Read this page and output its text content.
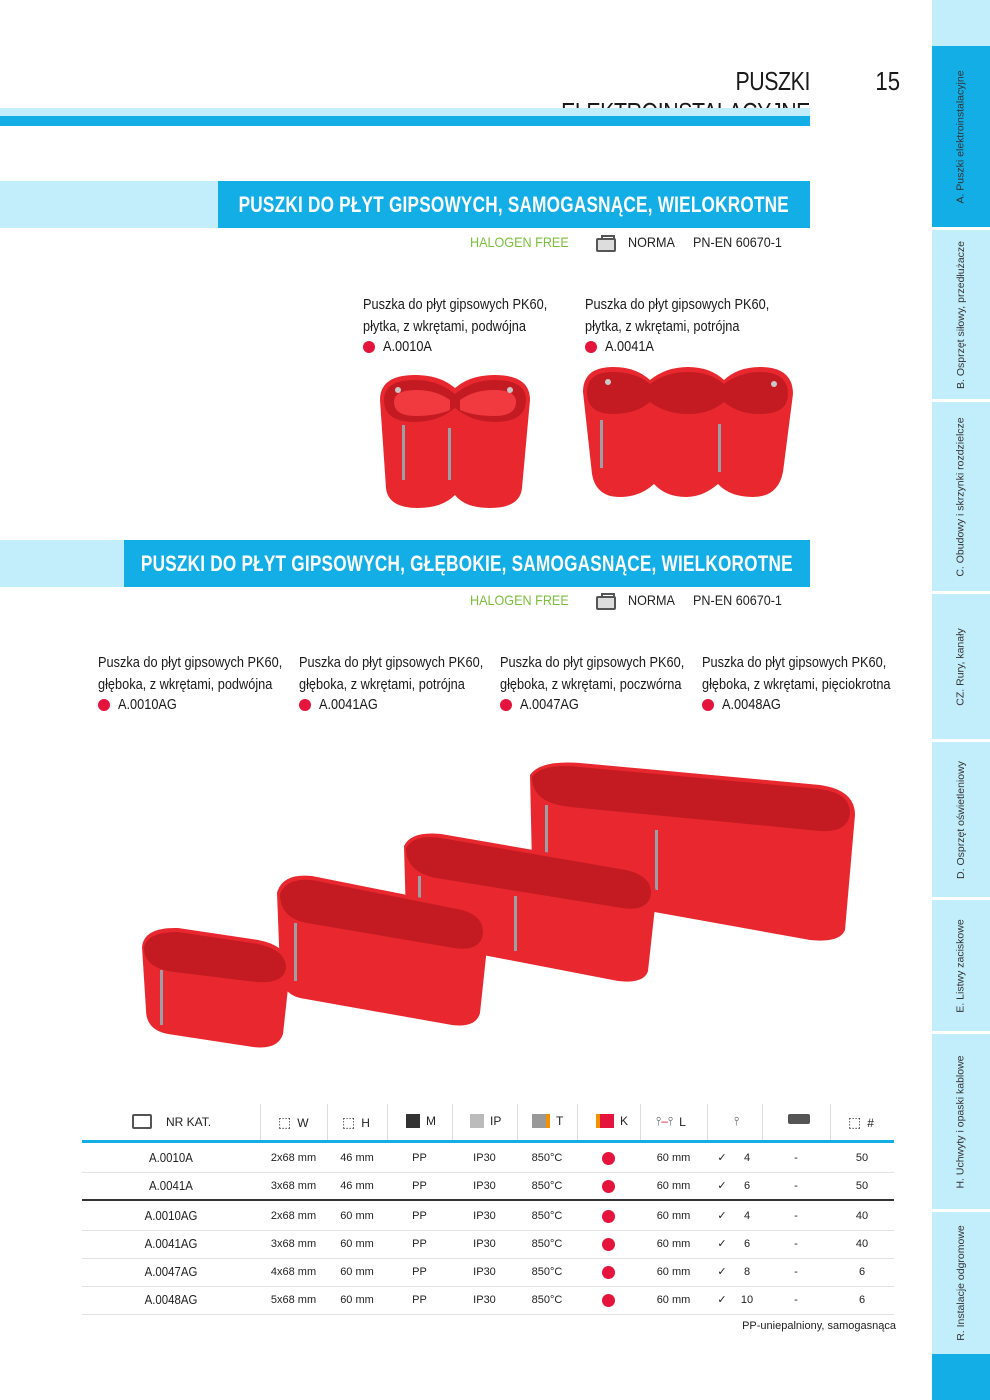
PUSZKI	15
PUSZKI DO PŁYT GIPSOWYCH, SAMOGASNĄCE, WIELOKROTNE
HALOGEN FREE	NORMA PN-EN 60670-1
Puszka do płyt gipsowych PK60,
płytka, z wkrętami, podwójna
A.0010A
Puszka do płyt gipsowych PK60,
płytka, z wkrętami, potrójna
A.0041A
PUSZKI DO PŁYT GIPSOWYCH, GŁĘBOKIE, SAMOGASNĄCE, WIELKOROTNE
HALOGEN FREE	NORMA PN-EN 60670-1
Puszka do płyt gipsowych PK60,
głęboka, z wkrętami, podwójna
A.0010AG
Puszka do płyt gipsowych PK60,
głęboka, z wkrętami, potrójna
A.0041AG
Puszka do płyt gipsowych PK60,
głęboka, z wkrętami, poczwórna
A.0047AG
Puszka do płyt gipsowych PK60,
głęboka, z wkrętami, pięciokrotna
A.0048AG
NR KAT.	⬚ W ⬚ H	M	IP	T	K ⫯–⫯ L	⫯	⬚ #
A.0010A	2x68 mm	46 mm	PP	IP30	850°C	60 mm	✓	4	-	50
A.0041A	3x68 mm	46 mm	PP	IP30	850°C	60 mm	✓	6	-	50
A.0010AG	2x68 mm	60 mm	PP	IP30	850°C	60 mm	✓	4	-	40
A.0041AG	3x68 mm	60 mm	PP	IP30	850°C	60 mm	✓	6	-	40
A.0047AG	4x68 mm	60 mm	PP	IP30	850°C	60 mm	✓	8	-	6
A.0048AG	5x68 mm	60 mm	PP	IP30	850°C	60 mm	✓	10	-	6
PP-uniepalniony, samogasnąca
A. Puszki elektroinstalacyjne
B. Osprzęt siłowy, przedłużacze
C. Obudowy i skrzynki rozdzielcze
CZ. Rury, kanały
D. Osprzęt oświetleniowy
E. Listwy zaciskowe
H. Uchwyty i opaski kablowe
R. Instalacje odgromowe
